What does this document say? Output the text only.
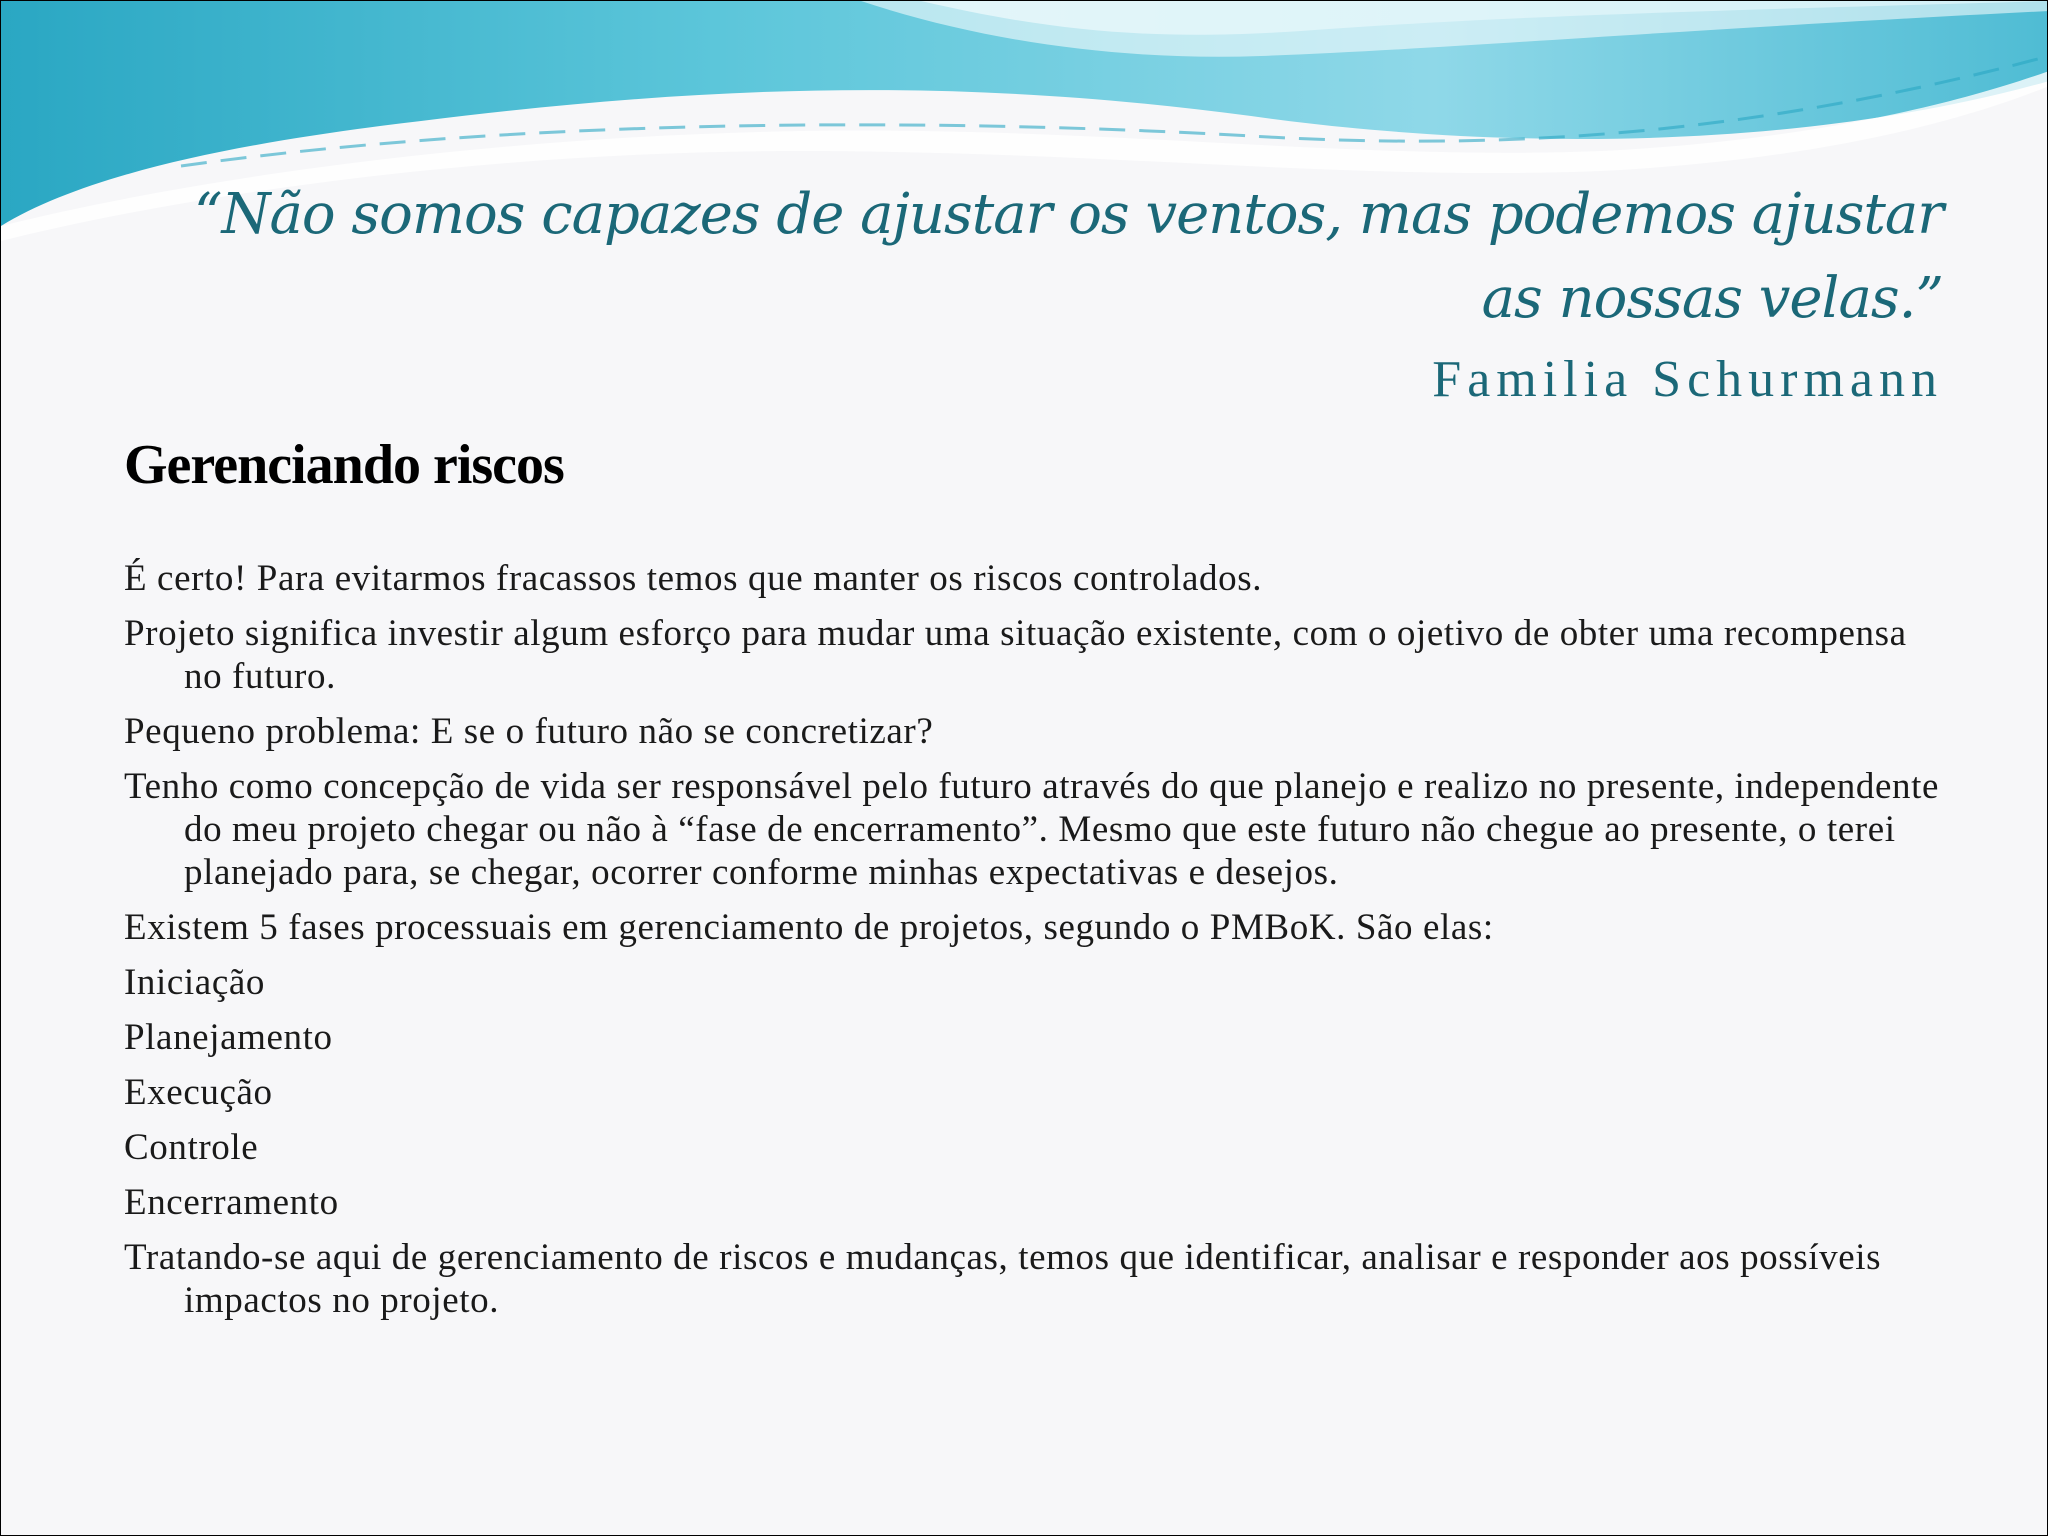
“Não somos capazes de ajustar os ventos, mas podemos ajustar as nossas velas.”

Familia Schurmann

Gerenciando riscos
É certo! Para evitarmos fracassos temos que manter os riscos controlados.
Projeto significa investir algum esforço para mudar uma situação existente, com o ojetivo de obter uma recompensa no futuro.
Pequeno problema: E se o futuro não se concretizar?
Tenho como concepção de vida ser responsável pelo futuro através do que planejo e realizo no presente, independente do meu projeto chegar ou não à “fase de encerramento”. Mesmo que este futuro não chegue ao presente, o terei planejado para, se chegar, ocorrer conforme minhas expectativas e desejos.
Existem 5 fases processuais em gerenciamento de projetos, segundo o PMBoK. São elas:
Iniciação
Planejamento
Execução
Controle
Encerramento
Tratando-se aqui de gerenciamento de riscos e mudanças, temos que identificar, analisar e responder aos possíveis impactos no projeto.
